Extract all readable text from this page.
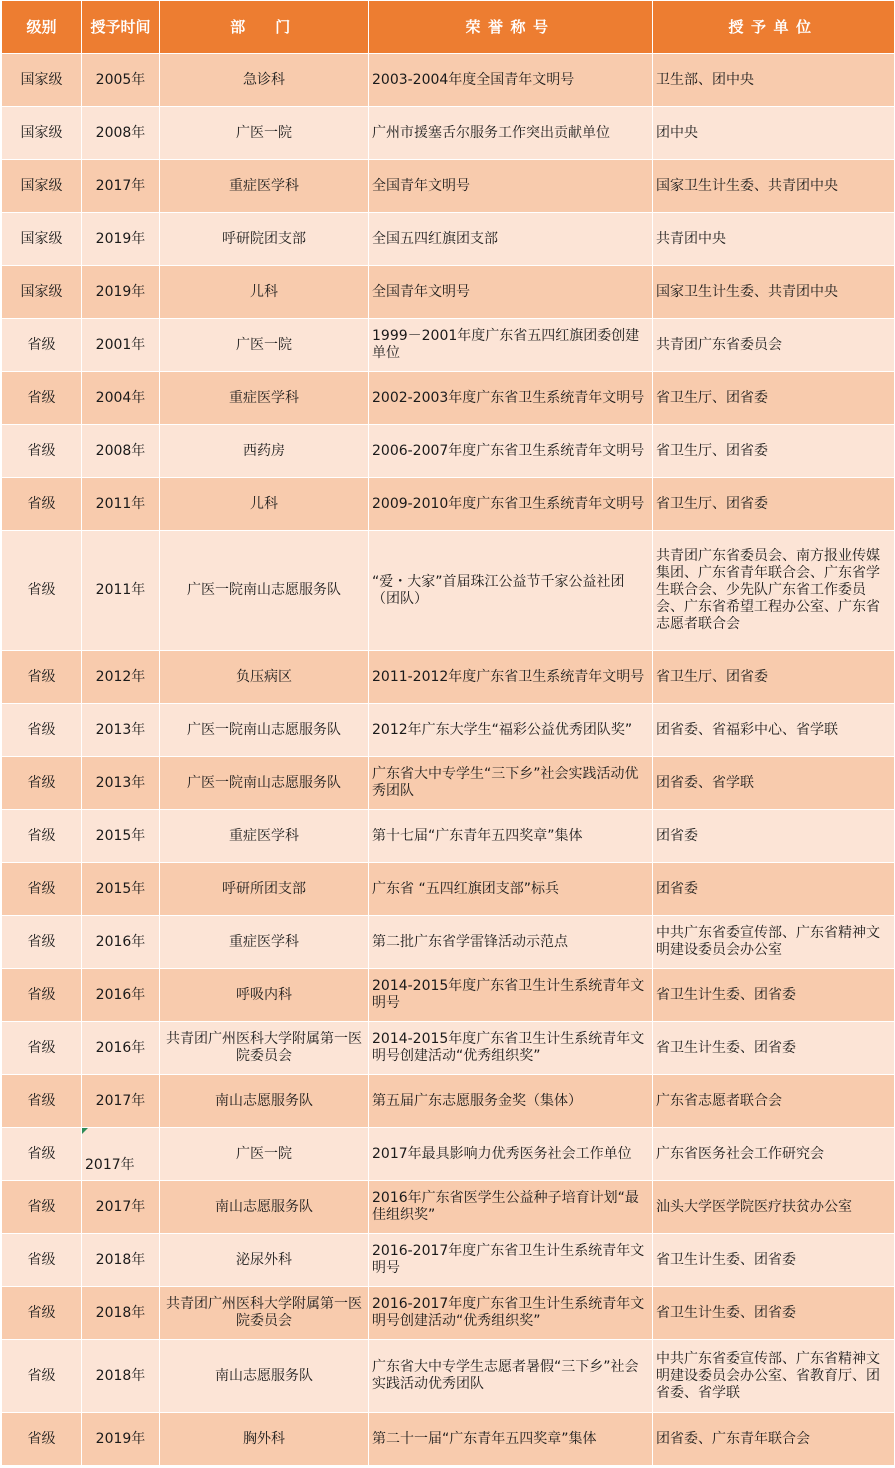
级别	授予时间	部　门	荣誉称号	授予单位
国家级	2005年	急诊科	2003-2004年度全国青年文明号	卫生部、团中央
国家级	2008年	广医一院	广州市援塞舌尔服务工作突出贡献单位	团中央
国家级	2017年	重症医学科	全国青年文明号	国家卫生计生委、共青团中央
国家级	2019年	呼研院团支部	全国五四红旗团支部	共青团中央
国家级	2019年	儿科	全国青年文明号	国家卫生计生委、共青团中央
省级	2001年	广医一院	1999－2001年度广东省五四红旗团委创建单位	共青团广东省委员会
省级	2004年	重症医学科	2002-2003年度广东省卫生系统青年文明号	省卫生厅、团省委
省级	2008年	西药房	2006-2007年度广东省卫生系统青年文明号	省卫生厅、团省委
省级	2011年	儿科	2009-2010年度广东省卫生系统青年文明号	省卫生厅、团省委
省级	2011年	广医一院南山志愿服务队	“爱・大家”首届珠江公益节千家公益社团（团队）	共青团广东省委员会、南方报业传媒集团、广东省青年联合会、广东省学生联合会、少先队广东省工作委员会、广东省希望工程办公室、广东省志愿者联合会
省级	2012年	负压病区	2011-2012年度广东省卫生系统青年文明号	省卫生厅、团省委
省级	2013年	广医一院南山志愿服务队	2012年广东大学生“福彩公益优秀团队奖”	团省委、省福彩中心、省学联
省级	2013年	广医一院南山志愿服务队	广东省大中专学生“三下乡”社会实践活动优秀团队	团省委、省学联
省级	2015年	重症医学科	第十七届“广东青年五四奖章”集体	团省委
省级	2015年	呼研所团支部	广东省 “五四红旗团支部”标兵	团省委
省级	2016年	重症医学科	第二批广东省学雷锋活动示范点	中共广东省委宣传部、广东省精神文明建设委员会办公室
省级	2016年	呼吸内科	2014-2015年度广东省卫生计生系统青年文明号	省卫生计生委、团省委
省级	2016年	共青团广州医科大学附属第一医院委员会	2014-2015年度广东省卫生计生系统青年文明号创建活动“优秀组织奖”	省卫生计生委、团省委
省级	2017年	南山志愿服务队	第五届广东志愿服务金奖（集体）	广东省志愿者联合会
省级	2017年	广医一院	2017年最具影响力优秀医务社会工作单位	广东省医务社会工作研究会
省级	2017年	南山志愿服务队	2016年广东省医学生公益种子培育计划“最佳组织奖”	汕头大学医学院医疗扶贫办公室
省级	2018年	泌尿外科	2016-2017年度广东省卫生计生系统青年文明号	省卫生计生委、团省委
省级	2018年	共青团广州医科大学附属第一医院委员会	2016-2017年度广东省卫生计生系统青年文明号创建活动“优秀组织奖”	省卫生计生委、团省委
省级	2018年	南山志愿服务队	广东省大中专学生志愿者暑假“三下乡”社会实践活动优秀团队	中共广东省委宣传部、广东省精神文明建设委员会办公室、省教育厅、团省委、省学联
省级	2019年	胸外科	第二十一届“广东青年五四奖章”集体	团省委、广东青年联合会
